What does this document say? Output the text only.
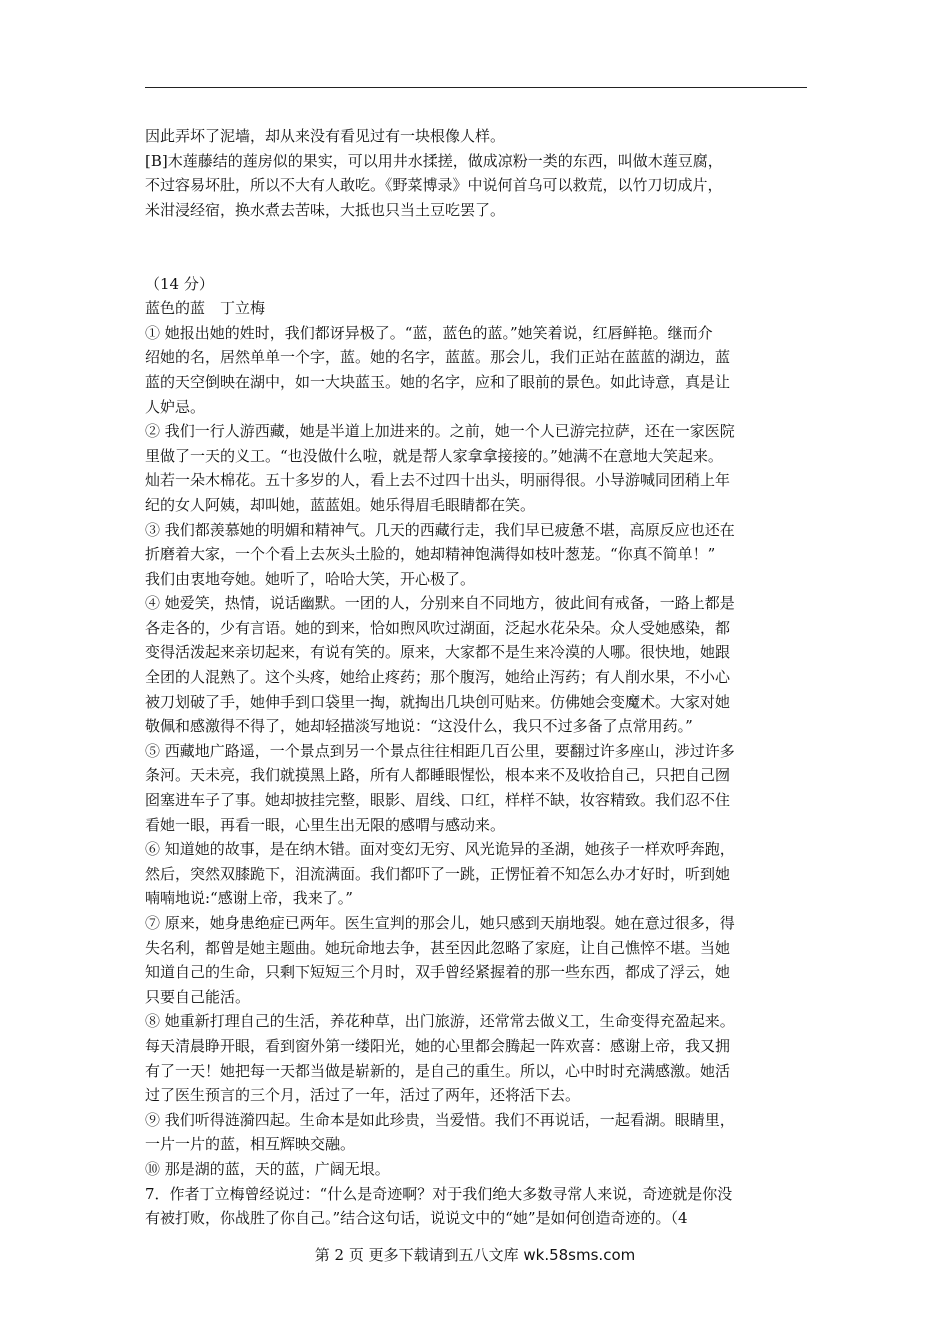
因此弄坏了泥墙，却从来没有看见过有一块根像人样。
[B]木莲藤结的莲房似的果实，可以用井水揉搓，做成凉粉一类的东西，叫做木莲豆腐，
不过容易坏肚，所以不大有人敢吃。《野菜博录》中说何首乌可以救荒，以竹刀切成片，
米泔浸经宿，换水煮去苦味，大抵也只当土豆吃罢了。
（14 分）
蓝色的蓝　丁立梅
① 她报出她的姓时，我们都讶异极了。“蓝，蓝色的蓝。”她笑着说，红唇鲜艳。继而介
绍她的名，居然单单一个字，蓝。她的名字，蓝蓝。那会儿，我们正站在蓝蓝的湖边，蓝
蓝的天空倒映在湖中，如一大块蓝玉。她的名字，应和了眼前的景色。如此诗意，真是让
人妒忌。
② 我们一行人游西藏，她是半道上加进来的。之前，她一个人已游完拉萨，还在一家医院
里做了一天的义工。“也没做什么啦，就是帮人家拿拿接接的。”她满不在意地大笑起来。
灿若一朵木棉花。五十多岁的人，看上去不过四十出头，明丽得很。小导游喊同团稍上年
纪的女人阿姨，却叫她，蓝蓝姐。她乐得眉毛眼睛都在笑。
③ 我们都羡慕她的明媚和精神气。几天的西藏行走，我们早已疲惫不堪，高原反应也还在
折磨着大家，一个个看上去灰头土脸的，她却精神饱满得如枝叶葱茏。“你真不简单！”
我们由衷地夸她。她听了，哈哈大笑，开心极了。
④ 她爱笑，热情，说话幽默。一团的人，分别来自不同地方，彼此间有戒备，一路上都是
各走各的，少有言语。她的到来，恰如煦风吹过湖面，泛起水花朵朵。众人受她感染，都
变得活泼起来亲切起来，有说有笑的。原来，大家都不是生来冷漠的人哪。很快地，她跟
全团的人混熟了。这个头疼，她给止疼药；那个腹泻，她给止泻药；有人削水果，不小心
被刀划破了手，她伸手到口袋里一掏，就掏出几块创可贴来。仿佛她会变魔术。大家对她
敬佩和感激得不得了，她却轻描淡写地说：“这没什么，我只不过多备了点常用药。”
⑤ 西藏地广路遥，一个景点到另一个景点往往相距几百公里，要翻过许多座山，涉过许多
条河。天未亮，我们就摸黑上路，所有人都睡眼惺忪，根本来不及收拾自己，只把自己囫
囵塞进车子了事。她却披挂完整，眼影、眉线、口红，样样不缺，妆容精致。我们忍不住
看她一眼，再看一眼，心里生出无限的感喟与感动来。
⑥ 知道她的故事，是在纳木错。面对变幻无穷、风光诡异的圣湖，她孩子一样欢呼奔跑，
然后，突然双膝跪下，泪流满面。我们都吓了一跳，正愣怔着不知怎么办才好时，听到她
喃喃地说:“感谢上帝，我来了。”
⑦ 原来，她身患绝症已两年。医生宣判的那会儿，她只感到天崩地裂。她在意过很多，得
失名利，都曾是她主题曲。她玩命地去争，甚至因此忽略了家庭，让自己憔悴不堪。当她
知道自己的生命，只剩下短短三个月时，双手曾经紧握着的那一些东西，都成了浮云，她
只要自己能活。
⑧ 她重新打理自己的生活，养花种草，出门旅游，还常常去做义工，生命变得充盈起来。
每天清晨睁开眼，看到窗外第一缕阳光，她的心里都会腾起一阵欢喜：感谢上帝，我又拥
有了一天！她把每一天都当做是崭新的，是自己的重生。所以，心中时时充满感激。她活
过了医生预言的三个月，活过了一年，活过了两年，还将活下去。
⑨ 我们听得涟漪四起。生命本是如此珍贵，当爱惜。我们不再说话，一起看湖。眼睛里，
一片一片的蓝，相互辉映交融。
⑩ 那是湖的蓝，天的蓝，广阔无垠。
7．作者丁立梅曾经说过：“什么是奇迹啊？对于我们绝大多数寻常人来说，奇迹就是你没
有被打败，你战胜了你自己。”结合这句话，说说文中的“她”是如何创造奇迹的。（4
第 2 页 更多下载请到五八文库 wk.58sms.com
